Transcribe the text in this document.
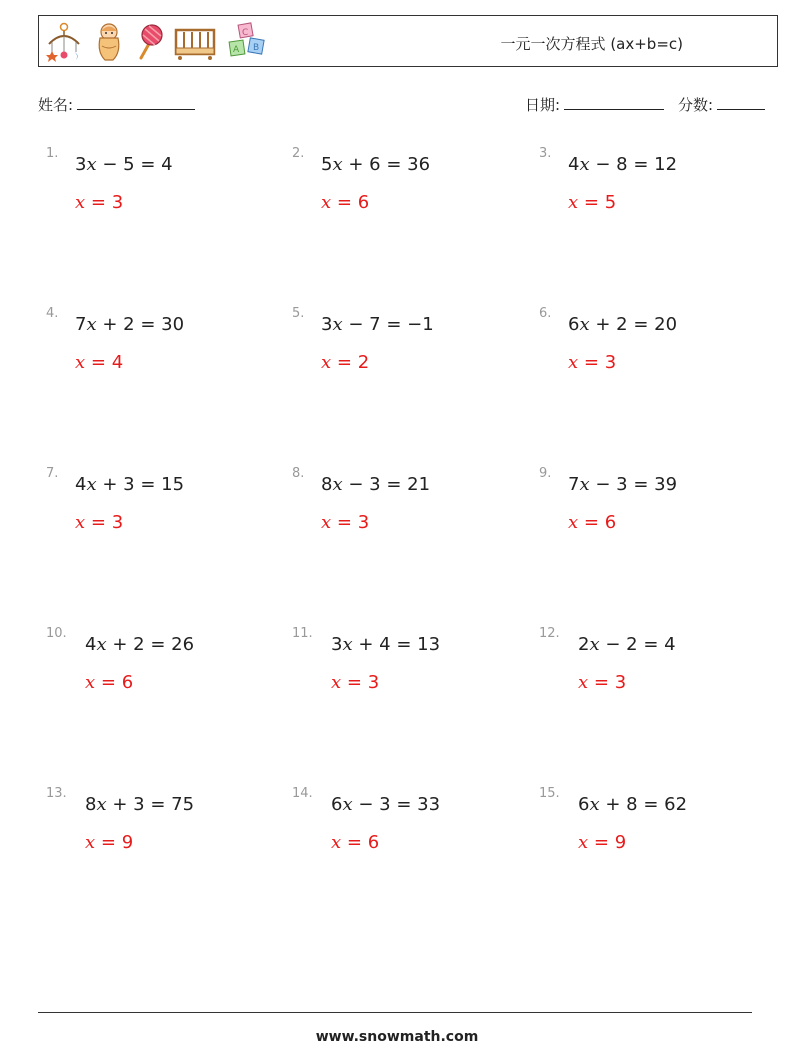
C
A B	一元一次方程式 (ax+b=c)
姓名:	日期:	分数:
1.
3x − 5 = 4
x = 3
2.
5x + 6 = 36
x = 6
3.
4x − 8 = 12
x = 5
4.
7x + 2 = 30
x = 4
5.
3x − 7 = −1
x = 2
6.
6x + 2 = 20
x = 3
7.
4x + 3 = 15
x = 3
8.
8x − 3 = 21
x = 3
9.
7x − 3 = 39
x = 6
10.
4x + 2 = 26
x = 6
11.
3x + 4 = 13
x = 3
12.
2x − 2 = 4
x = 3
13.
8x + 3 = 75
x = 9
14.
6x − 3 = 33
x = 6
15.
6x + 8 = 62
x = 9
www.snowmath.com
